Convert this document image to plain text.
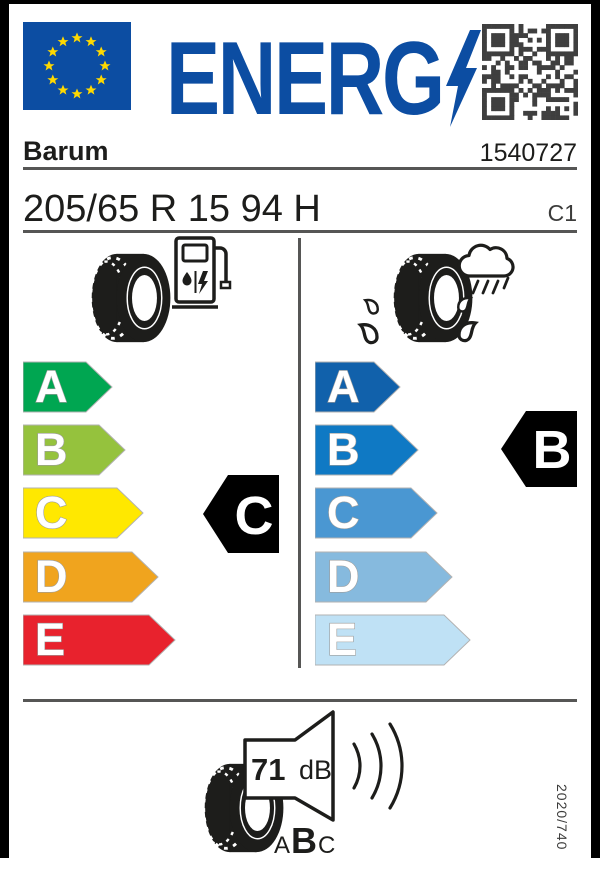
ENERG
Barum	1540727
205/65 R 15 94 H	C1
A
B
C
D
E
C
A
B
C
D
E
B
71 dB
A B C	2020/740
